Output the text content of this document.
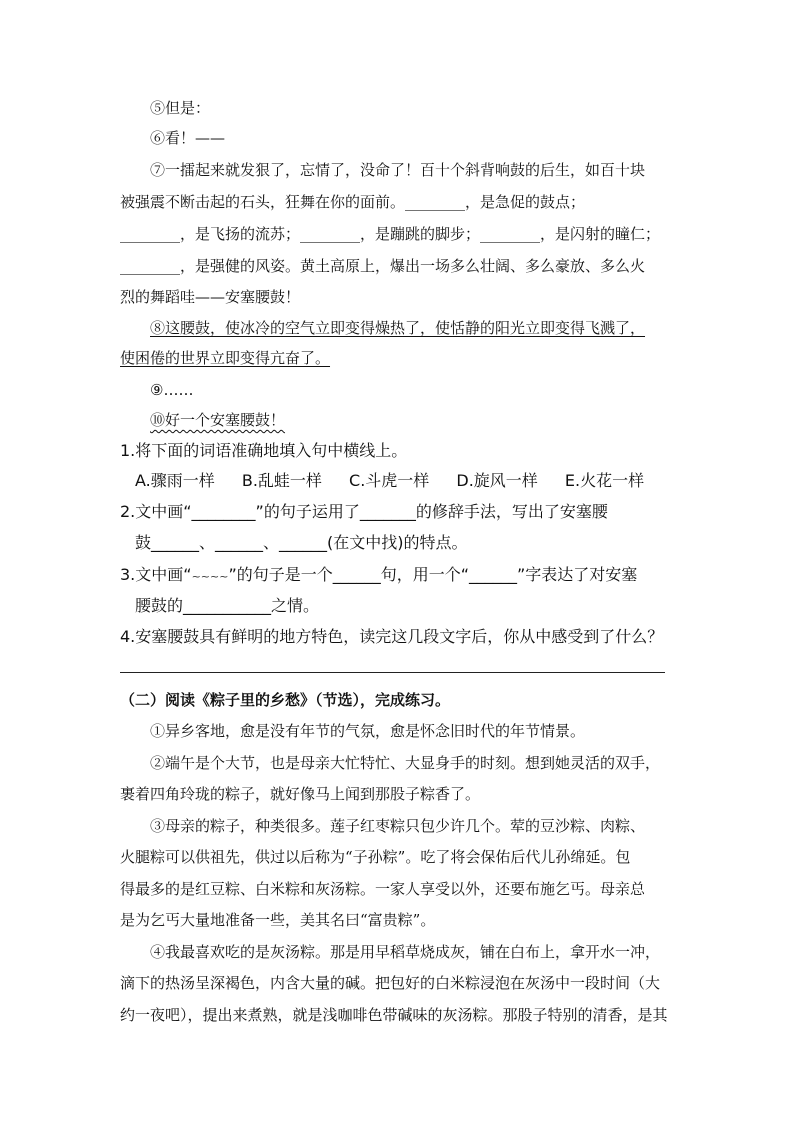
⑤但是：
⑥看！——
⑦一擂起来就发狠了，忘情了，没命了！百十个斜背响鼓的后生，如百十块
被强震不断击起的石头，狂舞在你的面前。________，是急促的鼓点；
________，是飞扬的流苏；________，是蹦跳的脚步；________，是闪射的瞳仁；
________，是强健的风姿。黄土高原上，爆出一场多么壮阔、多么豪放、多么火
烈的舞蹈哇——安塞腰鼓！
⑧这腰鼓，使冰冷的空气立即变得燥热了，使恬静的阳光立即变得飞溅了，
使困倦的世界立即变得亢奋了。
⑨……
⑩好一个安塞腰鼓！
1.将下面的词语准确地填入句中横线上。
A.骤雨一样 B.乱蛙一样 C.斗虎一样 D.旋风一样 E.火花一样
2.文中画“________”的句子运用了_______的修辞手法，写出了安塞腰
鼓______、______、______(在文中找)的特点。
3.文中画“~~~~”的句子是一个______句，用一个“______”字表达了对安塞
腰鼓的___________之情。
4.安塞腰鼓具有鲜明的地方特色，读完这几段文字后，你从中感受到了什么？
（二）阅读《粽子里的乡愁》（节选），完成练习。
①异乡客地，愈是没有年节的气氛，愈是怀念旧时代的年节情景。
②端午是个大节，也是母亲大忙特忙、大显身手的时刻。想到她灵活的双手，
裹着四角玲珑的粽子，就好像马上闻到那股子粽香了。
③母亲的粽子，种类很多。莲子红枣粽只包少许几个。荤的豆沙粽、肉粽、
火腿粽可以供祖先，供过以后称为“子孙粽”。吃了将会保佑后代儿孙绵延。包
得最多的是红豆粽、白米粽和灰汤粽。一家人享受以外，还要布施乞丐。母亲总
是为乞丐大量地准备一些，美其名曰“富贵粽”。
④我最喜欢吃的是灰汤粽。那是用早稻草烧成灰，铺在白布上，拿开水一冲，
滴下的热汤呈深褐色，内含大量的碱。把包好的白米粽浸泡在灰汤中一段时间（大
约一夜吧），提出来煮熟，就是浅咖啡色带碱味的灰汤粽。那股子特别的清香，是其
